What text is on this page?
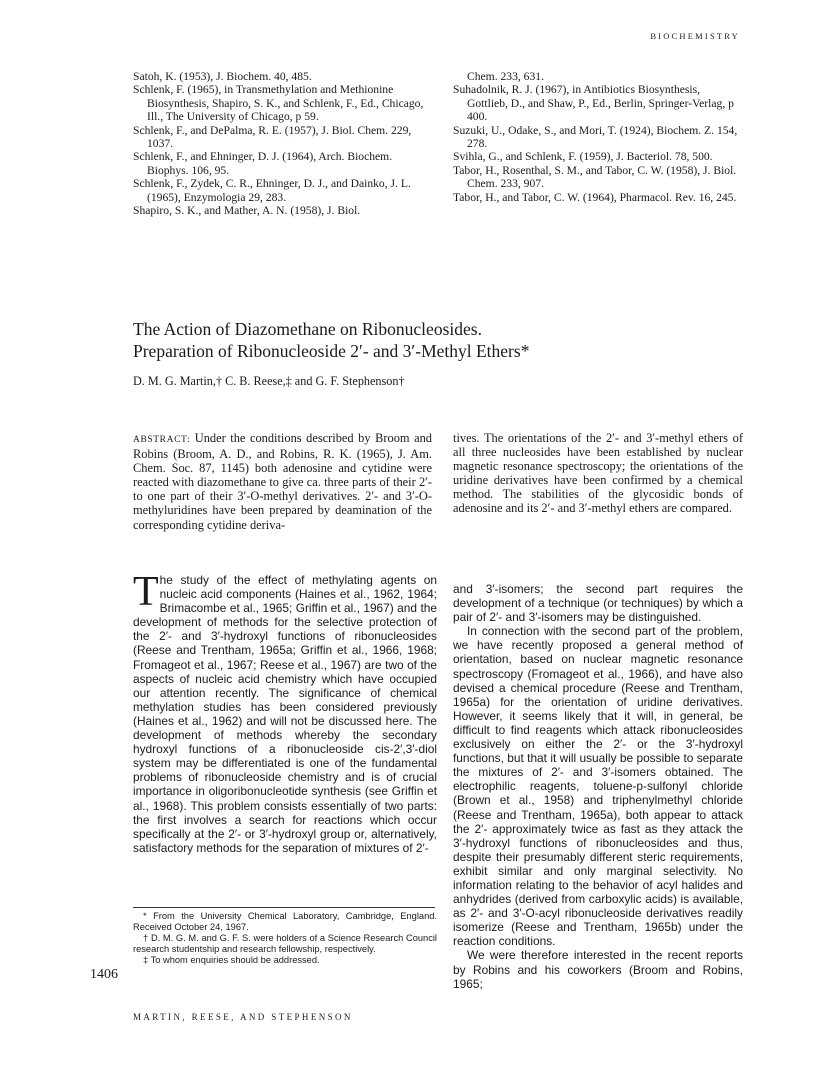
BIOCHEMISTRY
Satoh, K. (1953), J. Biochem. 40, 485.
Schlenk, F. (1965), in Transmethylation and Methionine Biosynthesis, Shapiro, S. K., and Schlenk, F., Ed., Chicago, Ill., The University of Chicago, p 59.
Schlenk, F., and DePalma, R. E. (1957), J. Biol. Chem. 229, 1037.
Schlenk, F., and Ehninger, D. J. (1964), Arch. Biochem. Biophys. 106, 95.
Schlenk, F., Zydek, C. R., Ehninger, D. J., and Dainko, J. L. (1965), Enzymologia 29, 283.
Shapiro, S. K., and Mather, A. N. (1958), J. Biol.
Chem. 233, 631.
Suhadolnik, R. J. (1967), in Antibiotics Biosynthesis, Gottlieb, D., and Shaw, P., Ed., Berlin, Springer-Verlag, p 400.
Suzuki, U., Odake, S., and Mori, T. (1924), Biochem. Z. 154, 278.
Svihla, G., and Schlenk, F. (1959), J. Bacteriol. 78, 500.
Tabor, H., Rosenthal, S. M., and Tabor, C. W. (1958), J. Biol. Chem. 233, 907.
Tabor, H., and Tabor, C. W. (1964), Pharmacol. Rev. 16, 245.
The Action of Diazomethane on Ribonucleosides.
Preparation of Ribonucleoside 2′- and 3′-Methyl Ethers*
D. M. G. Martin,† C. B. Reese,‡ and G. F. Stephenson†
ABSTRACT: Under the conditions described by Broom and Robins (Broom, A. D., and Robins, R. K. (1965), J. Am. Chem. Soc. 87, 1145) both adenosine and cytidine were reacted with diazomethane to give ca. three parts of their 2′- to one part of their 3′-O-methyl derivatives. 2′- and 3′-O-methyluridines have been prepared by deamination of the corresponding cytidine deriva-
tives. The orientations of the 2′- and 3′-methyl ethers of all three nucleosides have been established by nuclear magnetic resonance spectroscopy; the orientations of the uridine derivatives have been confirmed by a chemical method. The stabilities of the glycosidic bonds of adenosine and its 2′- and 3′-methyl ethers are compared.

T he study of the effect of methylating agents on nucleic acid components (Haines et al., 1962, 1964; Brimacombe et al., 1965; Griffin et al., 1967) and the development of methods for the selective protection of the 2′- and 3′-hydroxyl functions of ribonucleosides (Reese and Trentham, 1965a; Griffin et al., 1966, 1968; Fromageot et al., 1967; Reese et al., 1967) are two of the aspects of nucleic acid chemistry which have occupied our attention recently. The significance of chemical methylation studies has been considered previously (Haines et al., 1962) and will not be discussed here. The development of methods whereby the secondary hydroxyl functions of a ribonucleoside cis-2′,3′-diol system may be differentiated is one of the fundamental problems of ribonucleoside chemistry and is of crucial importance in oligoribonucleotide synthesis (see Griffin et al., 1968). This problem consists essentially of two parts: the first involves a search for reactions which occur specifically at the 2′- or 3′-hydroxyl group or, alternatively, satisfactory methods for the separation of mixtures of 2′-

and 3′-isomers; the second part requires the development of a technique (or techniques) by which a pair of 2′- and 3′-isomers may be distinguished.

In connection with the second part of the problem, we have recently proposed a general method of orientation, based on nuclear magnetic resonance spectroscopy (Fromageot et al., 1966), and have also devised a chemical procedure (Reese and Trentham, 1965a) for the orientation of uridine derivatives. However, it seems likely that it will, in general, be difficult to find reagents which attack ribonucleosides exclusively on either the 2′- or the 3′-hydroxyl functions, but that it will usually be possible to separate the mixtures of 2′- and 3′-isomers obtained. The electrophilic reagents, toluene-p-sulfonyl chloride (Brown et al., 1958) and triphenylmethyl chloride (Reese and Trentham, 1965a), both appear to attack the 2′- approximately twice as fast as they attack the 3′-hydroxyl functions of ribonucleosides and thus, despite their presumably different steric requirements, exhibit similar and only marginal selectivity. No information relating to the behavior of acyl halides and anhydrides (derived from carboxylic acids) is available, as 2′- and 3′-O-acyl ribonucleoside derivatives readily isomerize (Reese and Trentham, 1965b) under the reaction conditions.

We were therefore interested in the recent reports by Robins and his coworkers (Broom and Robins, 1965;

* From the University Chemical Laboratory, Cambridge, England. Received October 24, 1967.
† D. M. G. M. and G. F. S. were holders of a Science Research Council research studentship and research fellowship, respectively.
‡ To whom enquiries should be addressed.
1406
MARTIN, REESE, AND STEPHENSON
